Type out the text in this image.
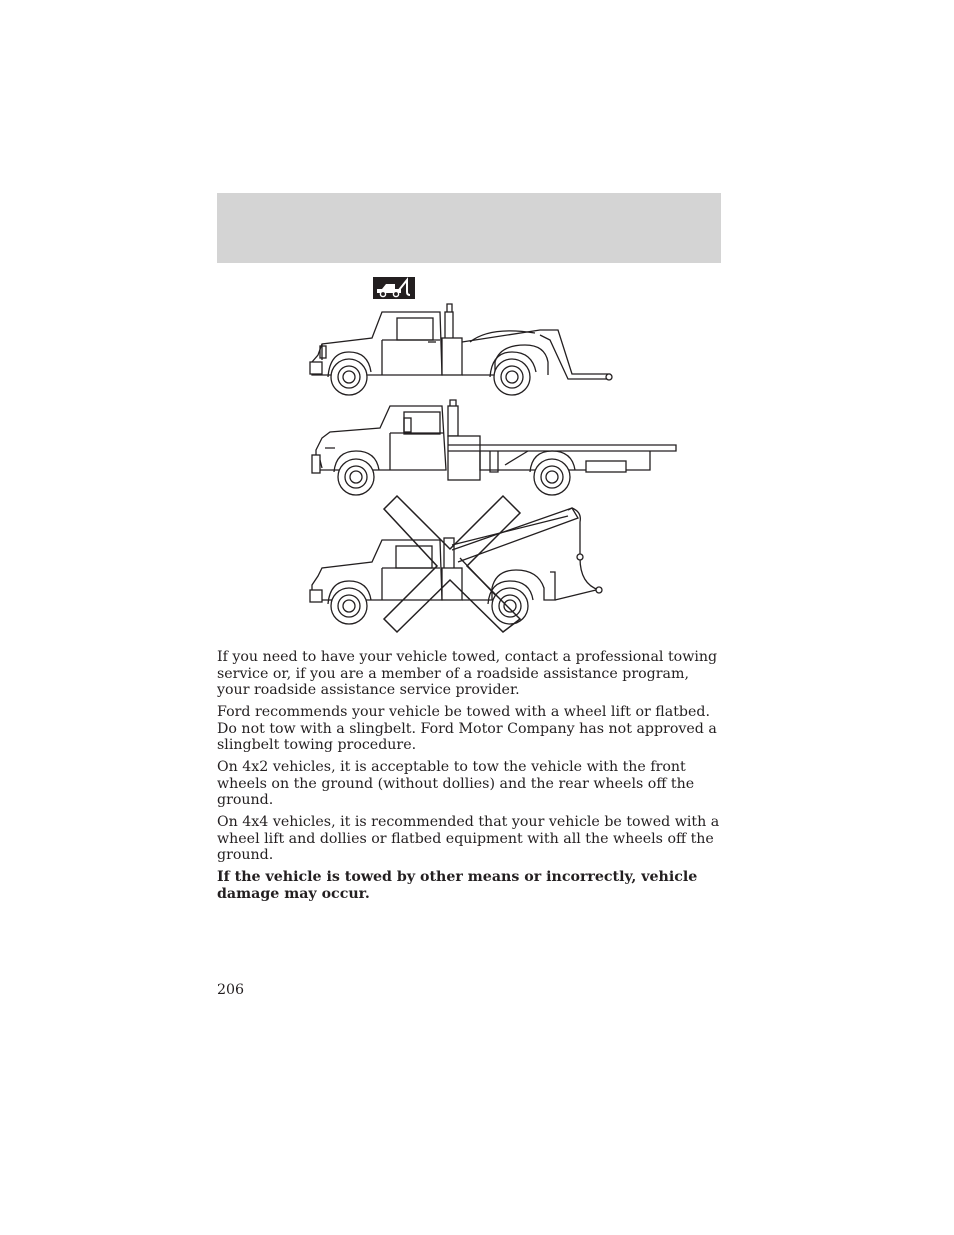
If you need to have your vehicle towed, contact a professional towing service or, if you are a member of a roadside assistance program, your roadside assistance service provider.

Ford recommends your vehicle be towed with a wheel lift or flatbed. Do not tow with a slingbelt. Ford Motor Company has not approved a slingbelt towing procedure.

On 4x2 vehicles, it is acceptable to tow the vehicle with the front wheels on the ground (without dollies) and the rear wheels off the ground.

On 4x4 vehicles, it is recommended that your vehicle be towed with a wheel lift and dollies or flatbed equipment with all the wheels off the ground.

If the vehicle is towed by other means or incorrectly, vehicle damage may occur.

206
